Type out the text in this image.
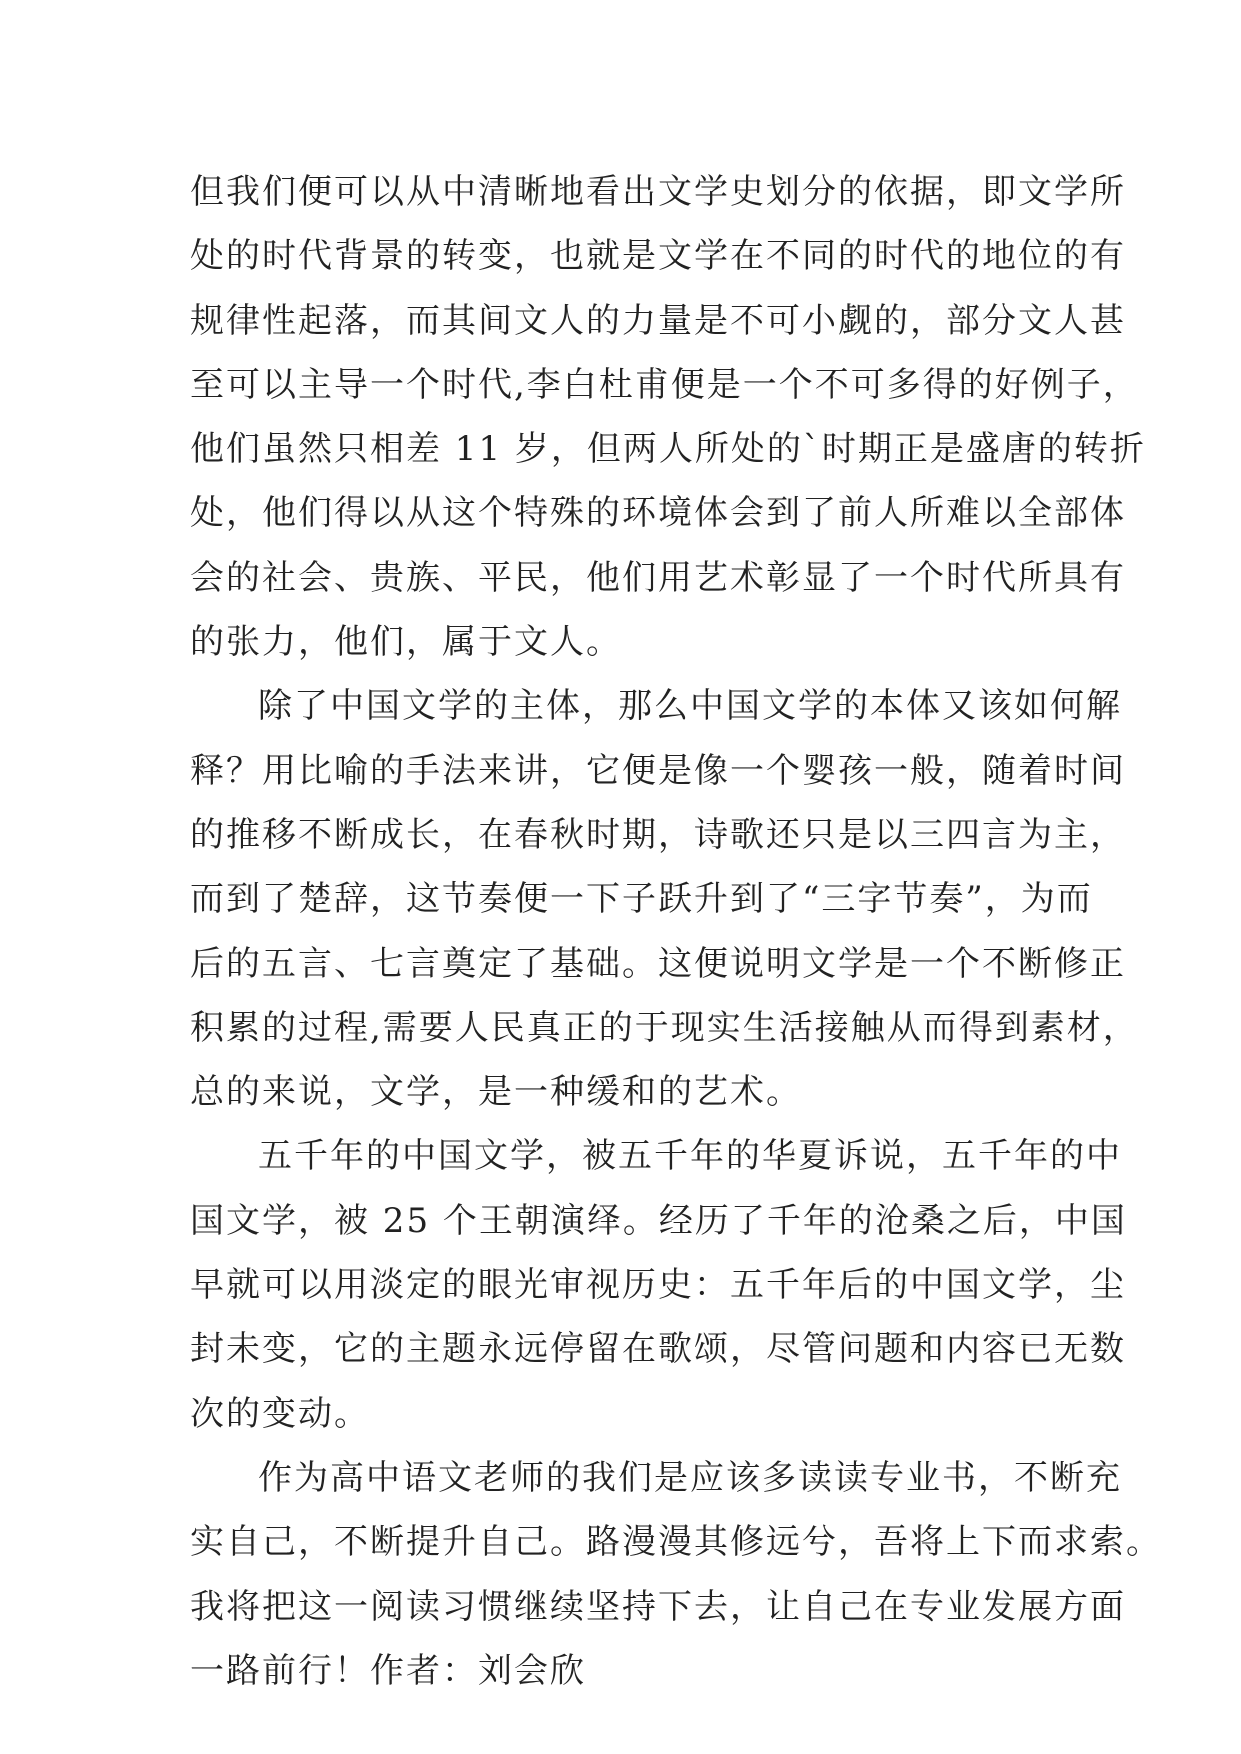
但我们便可以从中清晰地看出文学史划分的依据，即文学所
处的时代背景的转变，也就是文学在不同的时代的地位的有
规律性起落，而其间文人的力量是不可小觑的，部分文人甚
至可以主导一个时代,李白杜甫便是一个不可多得的好例子，
他们虽然只相差 11 岁，但两人所处的`时期正是盛唐的转折
处，他们得以从这个特殊的环境体会到了前人所难以全部体
会的社会、贵族、平民，他们用艺术彰显了一个时代所具有
的张力，他们，属于文人。
除了中国文学的主体，那么中国文学的本体又该如何解
释？用比喻的手法来讲，它便是像一个婴孩一般，随着时间
的推移不断成长，在春秋时期，诗歌还只是以三四言为主，
而到了楚辞，这节奏便一下子跃升到了“三字节奏”，为而
后的五言、七言奠定了基础。这便说明文学是一个不断修正
积累的过程,需要人民真正的于现实生活接触从而得到素材，
总的来说，文学，是一种缓和的艺术。
五千年的中国文学，被五千年的华夏诉说，五千年的中
国文学，被 25 个王朝演绎。经历了千年的沧桑之后，中国
早就可以用淡定的眼光审视历史：五千年后的中国文学，尘
封未变，它的主题永远停留在歌颂，尽管问题和内容已无数
次的变动。
作为高中语文老师的我们是应该多读读专业书，不断充
实自己，不断提升自己。路漫漫其修远兮，吾将上下而求索。
我将把这一阅读习惯继续坚持下去，让自己在专业发展方面
一路前行！作者：刘会欣
